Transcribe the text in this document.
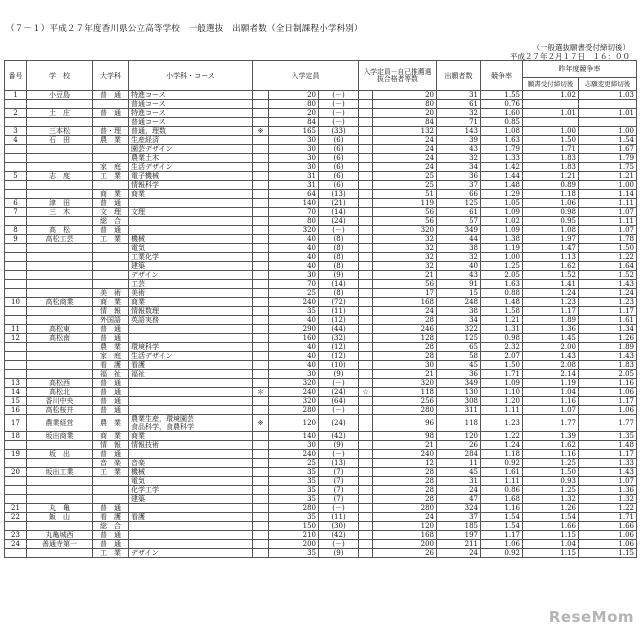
（７－１）平成２７年度香川県公立高等学校　一般選抜　出願者数（全日制課程小学科別）
（一般選抜願書受付締切後）
平成２７年２月１７日　１６：００
番号	学　校	大学科	小学科・コース	入学定員			入学定員－自己推薦選抜合格者等数		出願者数	競争率	昨年度競争率	
											願書受付締切後	志願変更締切後
1	小豆島	普　通	特進コース		20	(－)		20	31	1.55	1.02	1.03
			普通コース		80	(－)		80	61	0.76		
2	土　庄	普　通	特進コース		20	(－)		20	32	1.60	1.01	1.01
			普通コース		84	(－)		84	71	0.85		
3	三本松	普・理	普通，理数	※	165	(33)		132	143	1.08	1.00	1.00
4	石　田	農　業	生産経済		30	(6)		24	39	1.63	1.50	1.54
			園芸デザイン		30	(6)		24	43	1.79	1.71	1.67
			農業土木		30	(6)		24	32	1.33	1.83	1.79
		家　庭	生活デザイン		30	(6)		24	34	1.42	1.83	1.75
5	志　度	工　業	電子機械		31	(6)		25	36	1.44	1.21	1.21
			情報科学		31	(6)		25	37	1.48	0.89	1.00
		商　業	商業		64	(13)		51	66	1.29	1.18	1.14
6	津　田	普　通			140	(21)		119	125	1.05	1.06	1.11
7	三　木	文　理	文理		70	(14)		56	61	1.09	0.98	1.07
		総　合			80	(24)		56	57	1.02	0.95	1.11
8	高　松	普　通			320	(－)		320	349	1.09	1.08	1.07
9	高松工芸	工　業	機械		40	(8)		32	44	1.38	1.97	1.78
			電気		40	(8)		32	38	1.19	1.47	1.50
			工業化学		40	(8)		32	32	1.00	1.13	1.22
			建築		40	(8)		32	40	1.25	1.62	1.64
			デザイン		30	(9)		21	43	2.05	1.52	1.52
			工芸		70	(14)		56	91	1.63	1.41	1.43
		美　術	美術		25	(8)		17	15	0.88	1.24	1.24
10	高松商業	商　業	商業		240	(72)		168	248	1.48	1.23	1.23
		情　報	情報数理		35	(11)		24	38	1.58	1.17	1.17
		外国語	英語実務		40	(12)		28	34	1.21	1.89	1.61
11	高松東	普　通			290	(44)		246	322	1.31	1.36	1.34
12	高松南	普　通			160	(32)		128	125	0.98	1.45	1.26
		農　業	環境科学		40	(12)		28	65	2.32	2.00	1.89
		家　庭	生活デザイン		40	(12)		28	58	2.07	1.43	1.43
		看　護	看護		40	(10)		30	45	1.50	2.08	1.83
		福　祉	福祉		30	(9)		21	36	1.71	2.14	2.05
13	高松西	普　通			320	(－)		320	349	1.09	1.19	1.16
14	高松北	普　通		＊	240	(24)	☆	118	130	1.10	1.04	1.06
15	香川中央	普　通			320	(64)		256	308	1.20	1.16	1.17
16	高松桜井	普　通			280	(－)		280	311	1.11	1.07	1.06
17	農業経営	農　業	農業生産，環境園芸
食品科学，食農科学	※	120	(24)		96	118	1.23	1.77	1.77
18	坂出商業	商　業	商業		140	(42)		98	120	1.22	1.39	1.35
		情　報	情報技術		30	(9)		21	26	1.24	1.62	1.48
19	坂　出	普　通			240	(－)		240	284	1.18	1.16	1.17
		音　楽	音楽		25	(13)		12	11	0.92	1.25	1.33
20	坂出工業	工　業	機械		35	(7)		28	45	1.61	1.50	1.43
			電気		35	(7)		28	31	1.11	0.93	1.07
			化学工学		35	(7)		28	24	0.86	1.25	1.36
			建築		35	(7)		28	47	1.68	1.32	1.32
21	丸　亀	普　通			280	(－)		280	324	1.16	1.26	1.22
22	飯　山	看　護	看護		35	(11)		24	37	1.54	1.54	1.71
		総　合			150	(30)		120	185	1.54	1.66	1.66
23	丸亀城西	普　通			210	(42)		168	197	1.17	1.15	1.06
24	善通寺第一	普　通			200	(－)		200	211	1.06	1.04	1.06
		工　業	デザイン		35	(9)		26	24	0.92	1.15	1.15
ReseMom
